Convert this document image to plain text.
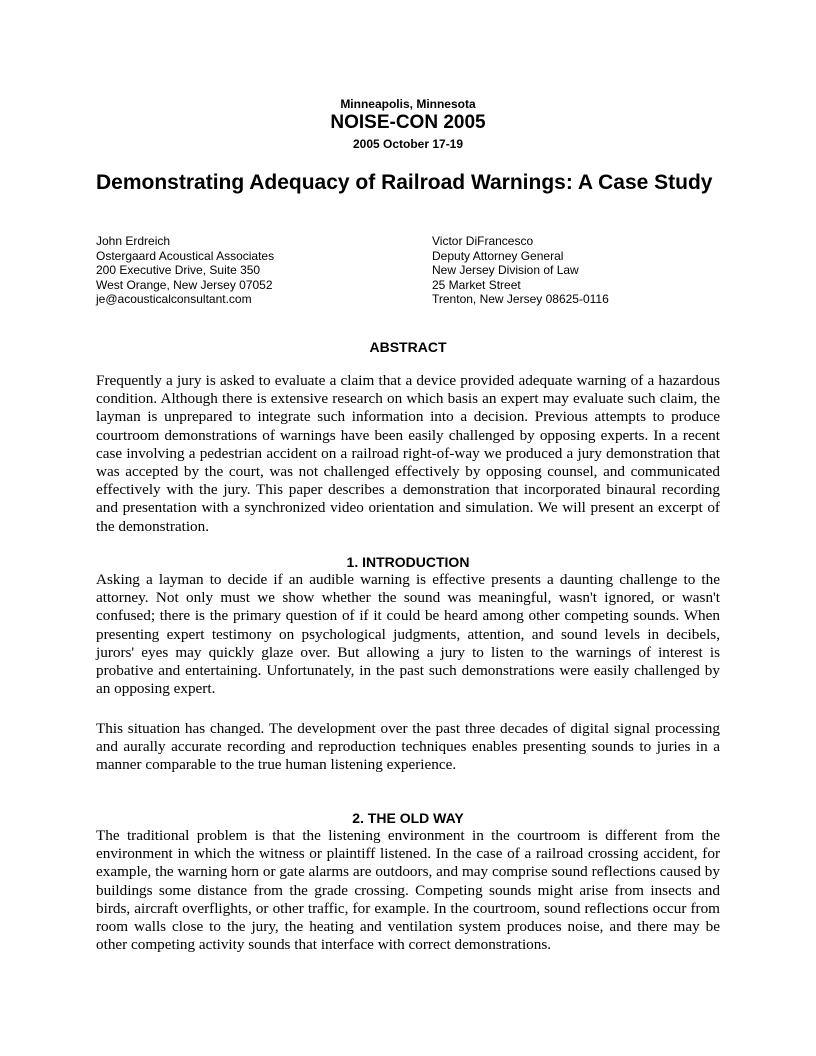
Minneapolis, Minnesota
NOISE-CON 2005
2005 October 17-19
Demonstrating Adequacy of Railroad Warnings: A Case Study
John Erdreich
Ostergaard Acoustical Associates
200 Executive Drive, Suite 350
West Orange, New Jersey 07052
je@acousticalconsultant.com
Victor DiFrancesco
Deputy Attorney General
New Jersey Division of Law
25 Market Street
Trenton, New Jersey 08625-0116
ABSTRACT

Frequently a jury is asked to evaluate a claim that a device provided adequate warning of a hazardous condition. Although there is extensive research on which basis an expert may evaluate such claim, the layman is unprepared to integrate such information into a decision. Previous attempts to produce courtroom demonstrations of warnings have been easily challenged by opposing experts. In a recent case involving a pedestrian accident on a railroad right-of-way we produced a jury demonstration that was accepted by the court, was not challenged effectively by opposing counsel, and communicated effectively with the jury. This paper describes a demonstration that incorporated binaural recording and presentation with a synchronized video orientation and simulation. We will present an excerpt of the demonstration.

1. INTRODUCTION

Asking a layman to decide if an audible warning is effective presents a daunting challenge to the attorney. Not only must we show whether the sound was meaningful, wasn't ignored, or wasn't confused; there is the primary question of if it could be heard among other competing sounds. When presenting expert testimony on psychological judgments, attention, and sound levels in decibels, jurors' eyes may quickly glaze over. But allowing a jury to listen to the warnings of interest is probative and entertaining. Unfortunately, in the past such demonstrations were easily challenged by an opposing expert.

This situation has changed. The development over the past three decades of digital signal processing and aurally accurate recording and reproduction techniques enables presenting sounds to juries in a manner comparable to the true human listening experience.

2. THE OLD WAY

The traditional problem is that the listening environment in the courtroom is different from the environment in which the witness or plaintiff listened. In the case of a railroad crossing accident, for example, the warning horn or gate alarms are outdoors, and may comprise sound reflections caused by buildings some distance from the grade crossing. Competing sounds might arise from insects and birds, aircraft overflights, or other traffic, for example. In the courtroom, sound reflections occur from room walls close to the jury, the heating and ventilation system produces noise, and there may be other competing activity sounds that interface with correct demonstrations.
